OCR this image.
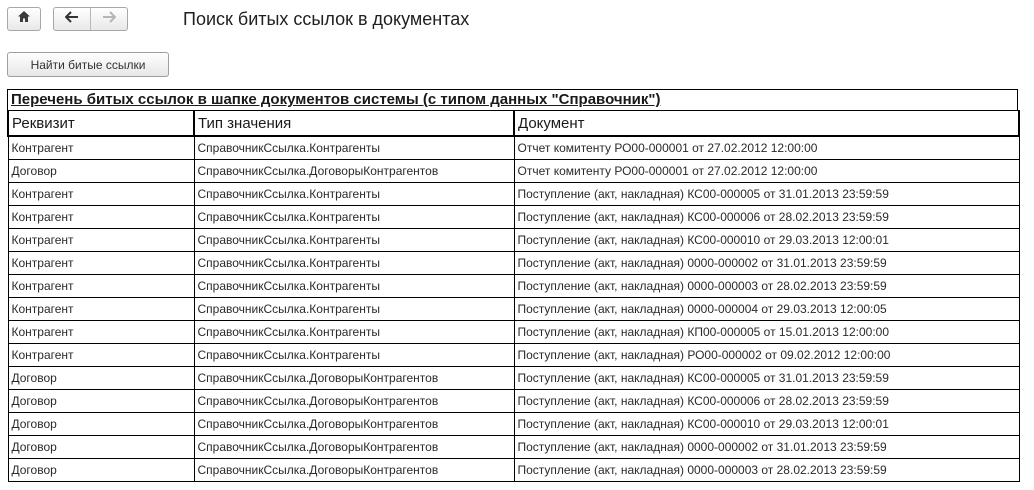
Поиск битых ссылок в документах
Найти битые ссылки
Перечень битых ссылок в шапке документов системы (с типом данных "Справочник")
Реквизит	Тип значения	Документ
Контрагент	СправочникСсылка.Контрагенты	Отчет комитенту РО00-000001 от 27.02.2012 12:00:00
Договор	СправочникСсылка.ДоговорыКонтрагентов	Отчет комитенту РО00-000001 от 27.02.2012 12:00:00
Контрагент	СправочникСсылка.Контрагенты	Поступление (акт, накладная) КС00-000005 от 31.01.2013 23:59:59
Контрагент	СправочникСсылка.Контрагенты	Поступление (акт, накладная) КС00-000006 от 28.02.2013 23:59:59
Контрагент	СправочникСсылка.Контрагенты	Поступление (акт, накладная) КС00-000010 от 29.03.2013 12:00:01
Контрагент	СправочникСсылка.Контрагенты	Поступление (акт, накладная) 0000-000002 от 31.01.2013 23:59:59
Контрагент	СправочникСсылка.Контрагенты	Поступление (акт, накладная) 0000-000003 от 28.02.2013 23:59:59
Контрагент	СправочникСсылка.Контрагенты	Поступление (акт, накладная) 0000-000004 от 29.03.2013 12:00:05
Контрагент	СправочникСсылка.Контрагенты	Поступление (акт, накладная) КП00-000005 от 15.01.2013 12:00:00
Контрагент	СправочникСсылка.Контрагенты	Поступление (акт, накладная) РО00-000002 от 09.02.2012 12:00:00
Договор	СправочникСсылка.ДоговорыКонтрагентов	Поступление (акт, накладная) КС00-000005 от 31.01.2013 23:59:59
Договор	СправочникСсылка.ДоговорыКонтрагентов	Поступление (акт, накладная) КС00-000006 от 28.02.2013 23:59:59
Договор	СправочникСсылка.ДоговорыКонтрагентов	Поступление (акт, накладная) КС00-000010 от 29.03.2013 12:00:01
Договор	СправочникСсылка.ДоговорыКонтрагентов	Поступление (акт, накладная) 0000-000002 от 31.01.2013 23:59:59
Договор	СправочникСсылка.ДоговорыКонтрагентов	Поступление (акт, накладная) 0000-000003 от 28.02.2013 23:59:59
